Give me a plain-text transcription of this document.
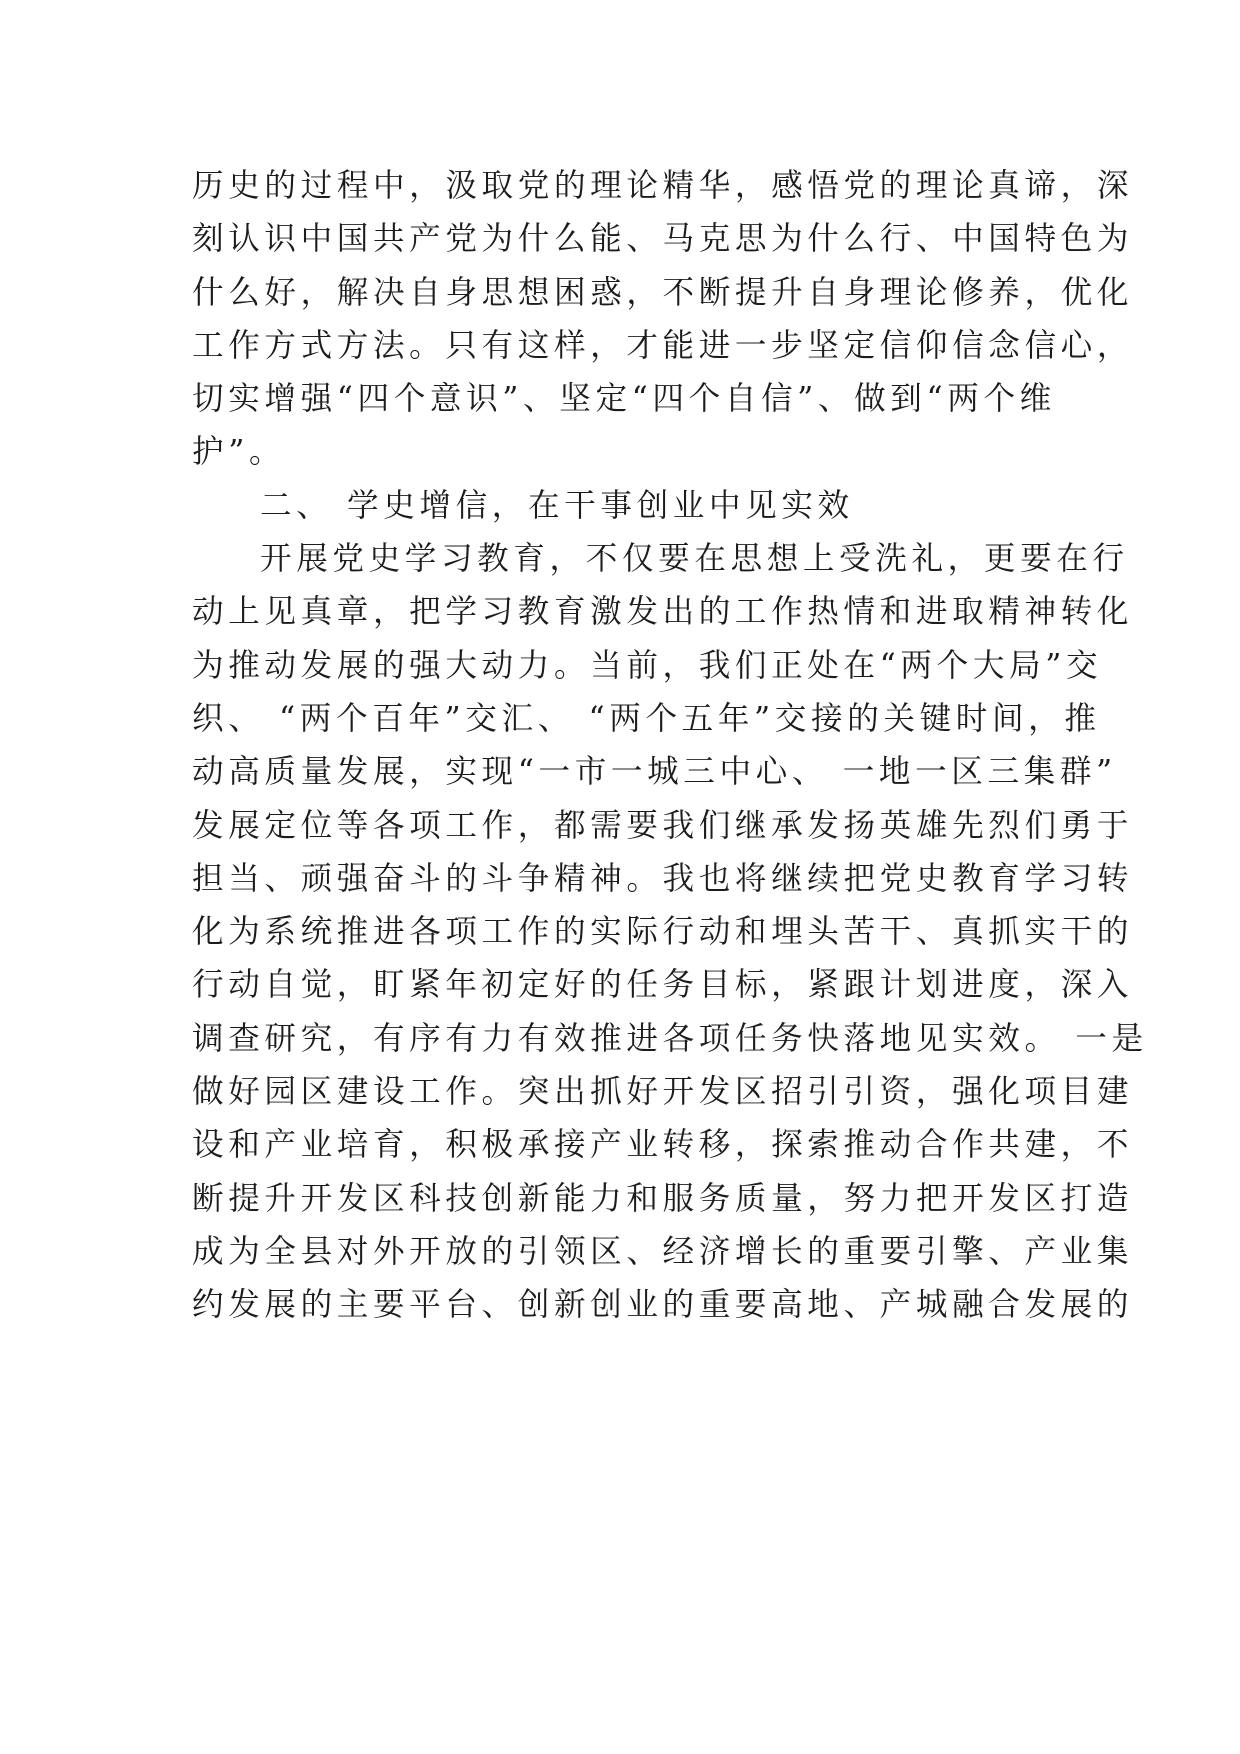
历史的过程中，汲取党的理论精华，感悟党的理论真谛，深
刻认识中国共产党为什么能、马克思为什么行、中国特色为
什么好，解决自身思想困惑，不断提升自身理论修养，优化
工作方式方法。只有这样，才能进一步坚定信仰信念信心，
切实增强“四个意识”、坚定“四个自信”、做到“两个维
护”。
二、 学史增信，在干事创业中见实效
开展党史学习教育，不仅要在思想上受洗礼，更要在行
动上见真章，把学习教育激发出的工作热情和进取精神转化
为推动发展的强大动力。当前，我们正处在“两个大局”交
织、 “两个百年”交汇、 “两个五年”交接的关键时间，推
动高质量发展，实现“一市一城三中心、 一地一区三集群”
发展定位等各项工作，都需要我们继承发扬英雄先烈们勇于
担当、顽强奋斗的斗争精神。我也将继续把党史教育学习转
化为系统推进各项工作的实际行动和埋头苦干、真抓实干的
行动自觉，盯紧年初定好的任务目标，紧跟计划进度，深入
调查研究，有序有力有效推进各项任务快落地见实效。 一是
做好园区建设工作。突出抓好开发区招引引资，强化项目建
设和产业培育，积极承接产业转移，探索推动合作共建，不
断提升开发区科技创新能力和服务质量，努力把开发区打造
成为全县对外开放的引领区、经济增长的重要引擎、产业集
约发展的主要平台、创新创业的重要高地、产城融合发展的
